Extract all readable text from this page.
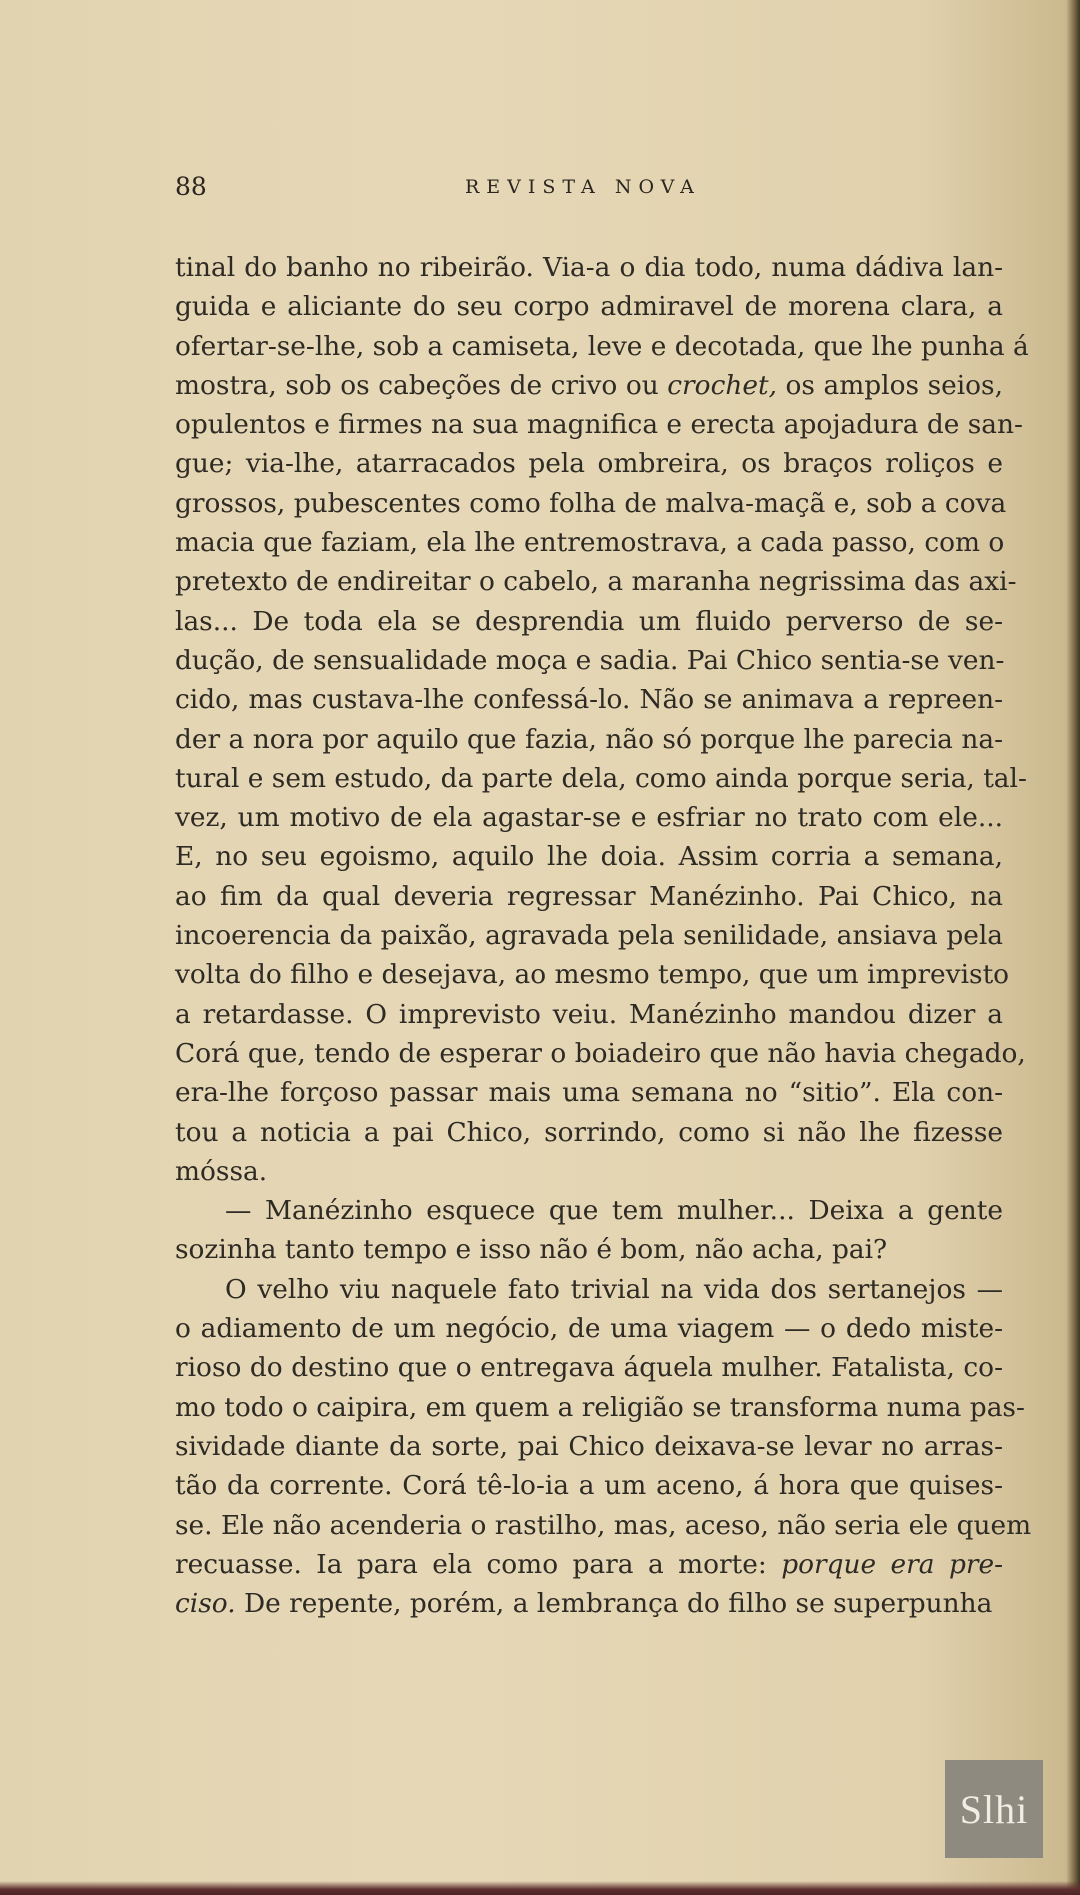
88	REVISTA NOVA

tinal do banho no ribeirão. Via-a o dia todo, numa dádiva lan-
guida e aliciante do seu corpo admiravel de morena clara, a
ofertar-se-lhe, sob a camiseta, leve e decotada, que lhe punha á
mostra, sob os cabeções de crivo ou crochet, os amplos seios,
opulentos e firmes na sua magnifica e erecta apojadura de san-
gue; via-lhe, atarracados pela ombreira, os braços roliços e
grossos, pubescentes como folha de malva-maçã e, sob a cova
macia que faziam, ela lhe entremostrava, a cada passo, com o
pretexto de endireitar o cabelo, a maranha negrissima das axi-
las... De toda ela se desprendia um fluido perverso de se-
dução, de sensualidade moça e sadia. Pai Chico sentia-se ven-
cido, mas custava-lhe confessá-lo. Não se animava a repreen-
der a nora por aquilo que fazia, não só porque lhe parecia na-
tural e sem estudo, da parte dela, como ainda porque seria, tal-
vez, um motivo de ela agastar-se e esfriar no trato com ele...
E, no seu egoismo, aquilo lhe doia. Assim corria a semana,
ao fim da qual deveria regressar Manézinho. Pai Chico, na
incoerencia da paixão, agravada pela senilidade, ansiava pela
volta do filho e desejava, ao mesmo tempo, que um imprevisto
a retardasse. O imprevisto veiu. Manézinho mandou dizer a
Corá que, tendo de esperar o boiadeiro que não havia chegado,
era-lhe forçoso passar mais uma semana no “sitio”. Ela con-
tou a noticia a pai Chico, sorrindo, como si não lhe fizesse
móssa.

— Manézinho esquece que tem mulher... Deixa a gente
sozinha tanto tempo e isso não é bom, não acha, pai?

O velho viu naquele fato trivial na vida dos sertanejos —
o adiamento de um negócio, de uma viagem — o dedo miste-
rioso do destino que o entregava áquela mulher. Fatalista, co-
mo todo o caipira, em quem a religião se transforma numa pas-
sividade diante da sorte, pai Chico deixava-se levar no arras-
tão da corrente. Corá tê-lo-ia a um aceno, á hora que quises-
se. Ele não acenderia o rastilho, mas, aceso, não seria ele quem
recuasse. Ia para ela como para a morte: porque era pre-
ciso. De repente, porém, a lembrança do filho se superpunha

Slhi
